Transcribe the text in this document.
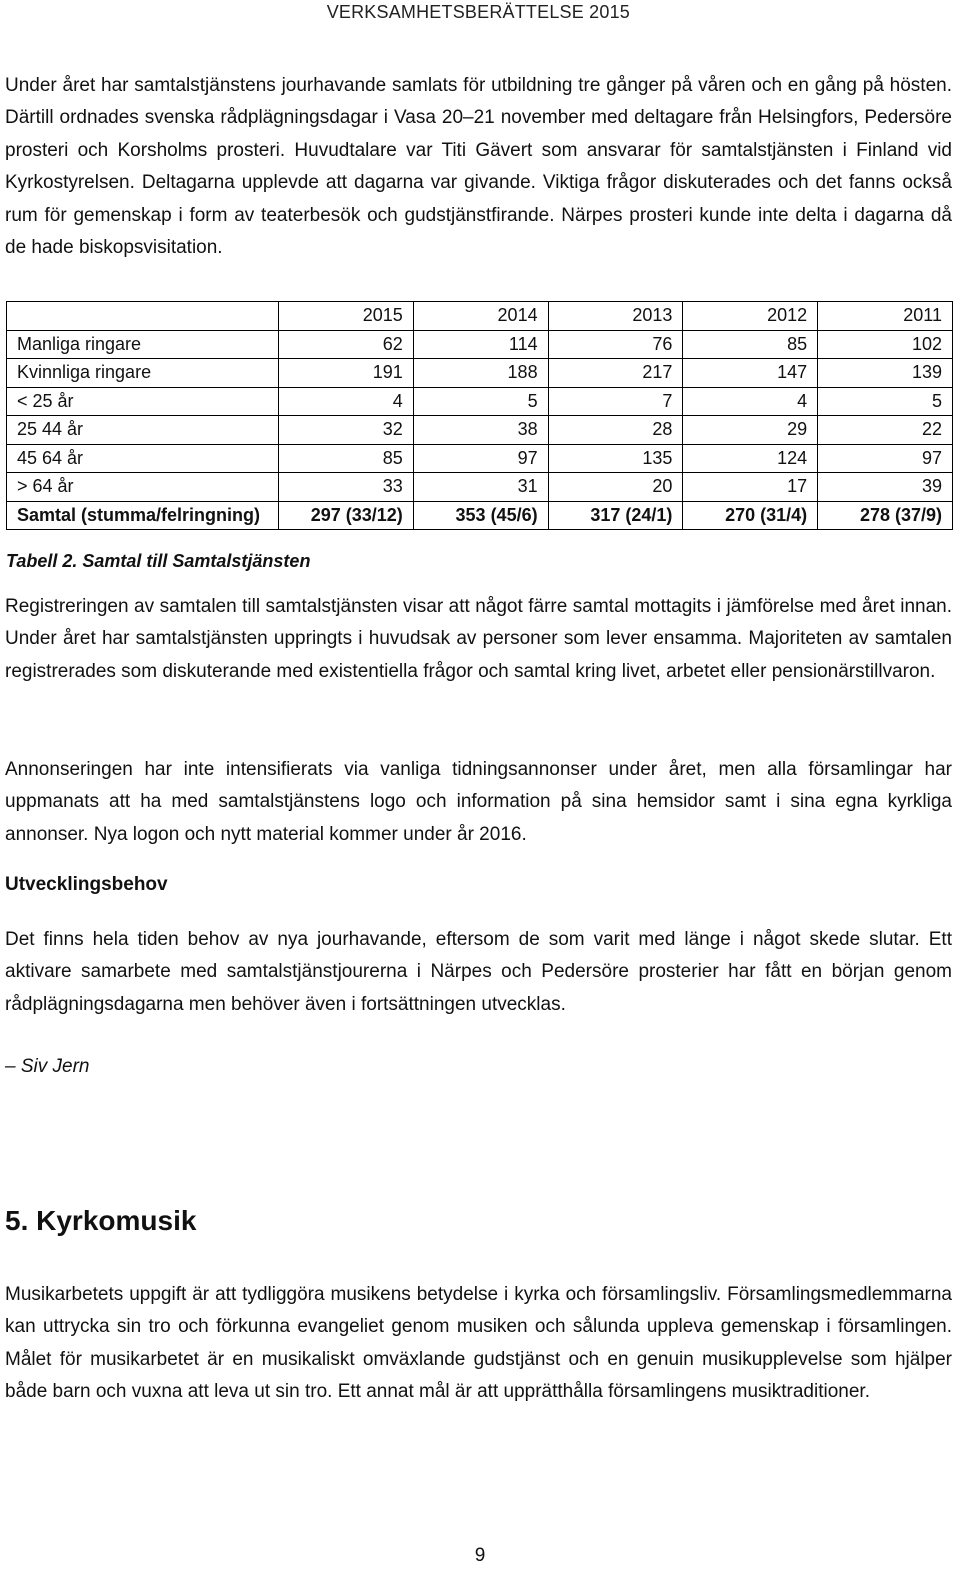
VERKSAMHETSBERÄTTELSE 2015

Under året har samtalstjänstens jourhavande samlats för utbildning tre gånger på våren och en gång på hösten. Därtill ordnades svenska rådplägningsdagar i Vasa 20–21 november med deltagare från Helsingfors, Pedersöre prosteri och Korsholms prosteri. Huvudtalare var Titi Gävert som ansvarar för samtalstjänsten i Finland vid Kyrkostyrelsen. Deltagarna upplevde att dagarna var givande. Viktiga frågor diskuterades och det fanns också rum för gemenskap i form av teaterbesök och gudstjänstfirande. Närpes prosteri kunde inte delta i dagarna då de hade biskopsvisitation.

	2015	2014	2013	2012	2011
Manliga ringare	62	114	76	85	102
Kvinnliga ringare	191	188	217	147	139
< 25 år	4	5	7	4	5
25 44 år	32	38	28	29	22
45 64 år	85	97	135	124	97
> 64 år	33	31	20	17	39
Samtal (stumma/felringning)	297 (33/12)	353 (45/6)	317 (24/1)	270 (31/4)	278 (37/9)
Tabell 2. Samtal till Samtalstjänsten

Registreringen av samtalen till samtalstjänsten visar att något färre samtal mottagits i jämförelse med året innan. Under året har samtalstjänsten uppringts i huvudsak av personer som lever ensamma. Majoriteten av samtalen registrerades som diskuterande med existentiella frågor och samtal kring livet, arbetet eller pensionärstillvaron.

Annonseringen har inte intensifierats via vanliga tidningsannonser under året, men alla församlingar har uppmanats att ha med samtalstjänstens logo och information på sina hemsidor samt i sina egna kyrkliga annonser. Nya logon och nytt material kommer under år 2016.

Utvecklingsbehov

Det finns hela tiden behov av nya jourhavande, eftersom de som varit med länge i något skede slutar. Ett aktivare samarbete med samtalstjänstjourerna i Närpes och Pedersöre prosterier har fått en början genom rådplägningsdagarna men behöver även i fortsättningen utvecklas.

– Siv Jern
5. Kyrkomusik

Musikarbetets uppgift är att tydliggöra musikens betydelse i kyrka och församlingsliv. Församlingsmedlemmarna kan uttrycka sin tro och förkunna evangeliet genom musiken och sålunda uppleva gemenskap i församlingen. Målet för musikarbetet är en musikaliskt omväxlande gudstjänst och en genuin musikupplevelse som hjälper både barn och vuxna att leva ut sin tro. Ett annat mål är att upprätthålla församlingens musiktraditioner.

9
